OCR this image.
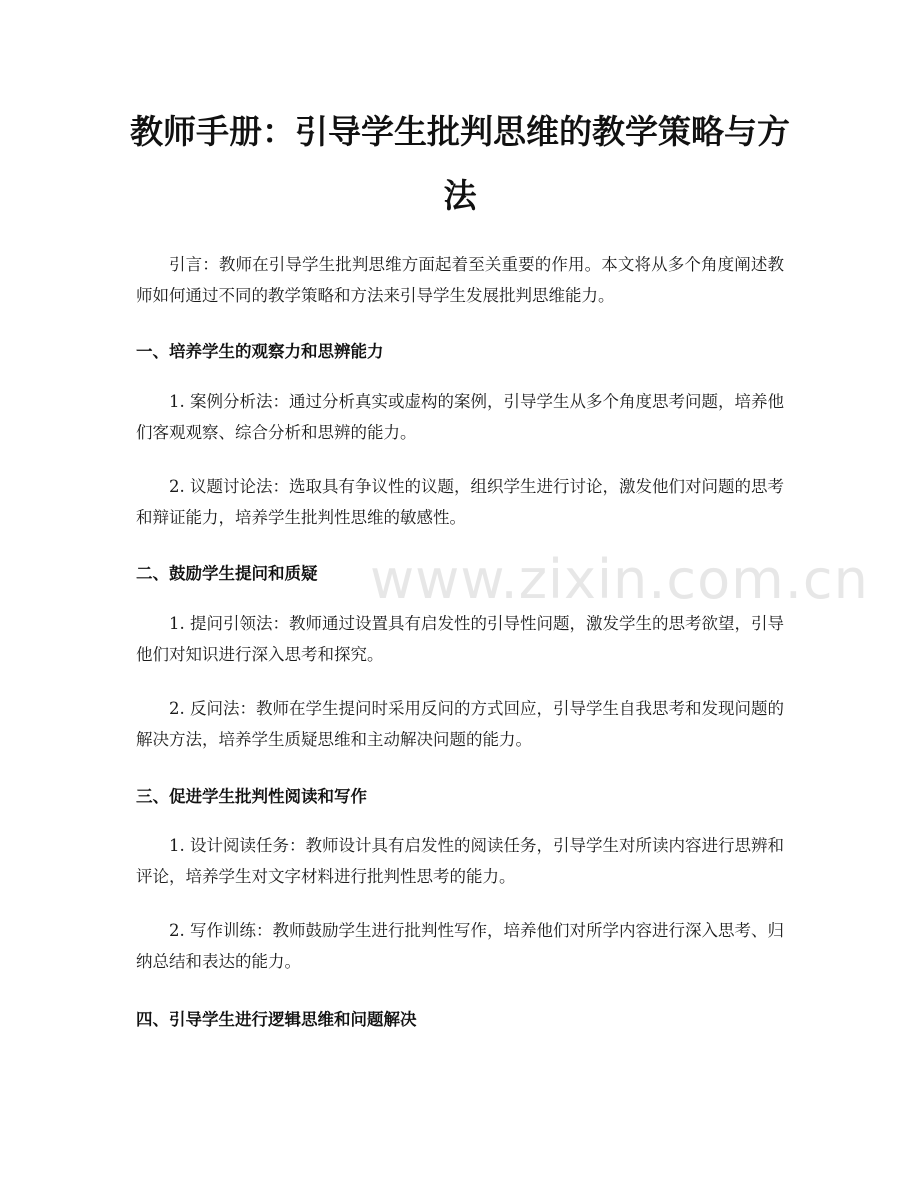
教师手册：引导学生批判思维的教学策略与方法

引言：教师在引导学生批判思维方面起着至关重要的作用。本文将从多个角度阐述教师如何通过不同的教学策略和方法来引导学生发展批判思维能力。

一、培养学生的观察力和思辨能力

1. 案例分析法：通过分析真实或虚构的案例，引导学生从多个角度思考问题，培养他们客观观察、综合分析和思辨的能力。

2. 议题讨论法：选取具有争议性的议题，组织学生进行讨论，激发他们对问题的思考和辩证能力，培养学生批判性思维的敏感性。

二、鼓励学生提问和质疑

1. 提问引领法：教师通过设置具有启发性的引导性问题，激发学生的思考欲望，引导他们对知识进行深入思考和探究。

2. 反问法：教师在学生提问时采用反问的方式回应，引导学生自我思考和发现问题的解决方法，培养学生质疑思维和主动解决问题的能力。

三、促进学生批判性阅读和写作

1. 设计阅读任务：教师设计具有启发性的阅读任务，引导学生对所读内容进行思辨和评论，培养学生对文字材料进行批判性思考的能力。

2. 写作训练：教师鼓励学生进行批判性写作，培养他们对所学内容进行深入思考、归纳总结和表达的能力。

四、引导学生进行逻辑思维和问题解决
www.zixin.com.cn
